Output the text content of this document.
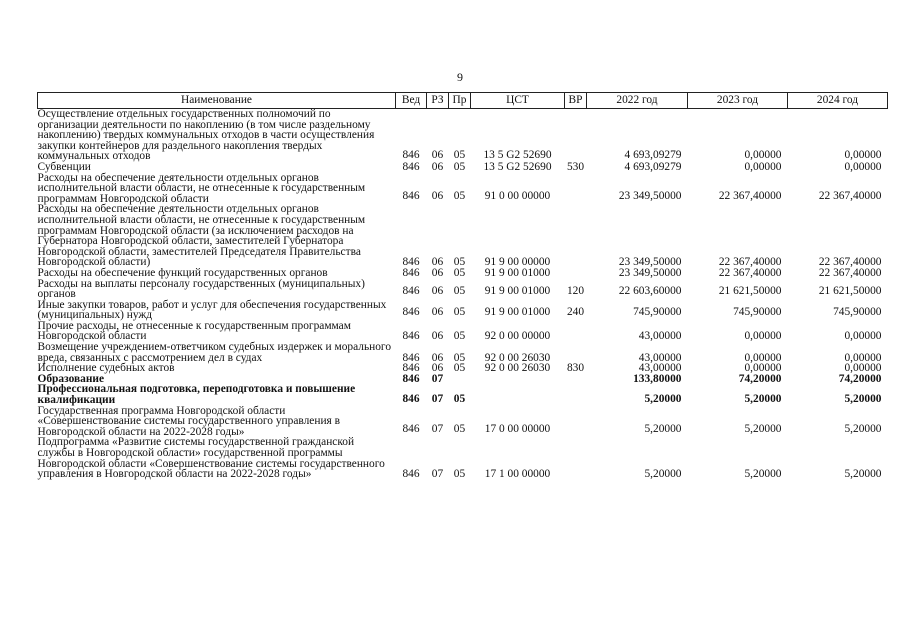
9
Наименование	Вед	РЗ	Пр	ЦСТ	ВР	2022 год	2023 год	2024 год
Осуществление отдельных государственных полномочий по организации деятельности по накоплению (в том числе раздельному накоплению) твердых коммунальных отходов в части осуществления закупки контейнеров для раздельного накопления твердых коммунальных отходов	846	06	05	13 5 G2 52690		4 693,09279	0,00000	0,00000
Субвенции	846	06	05	13 5 G2 52690	530	4 693,09279	0,00000	0,00000
Расходы на обеспечение деятельности отдельных органов исполнительной власти области, не отнесенные к государственным программам Новгородской области	846	06	05	91 0 00 00000		23 349,50000	22 367,40000	22 367,40000
Расходы на обеспечение деятельности отдельных органов исполнительной власти области, не отнесенные к государственным программам Новгородской области (за исключением расходов на Губернатора Новгородской области, заместителей Губернатора Новгородской области, заместителей Председателя Правительства Новгородской области)	846	06	05	91 9 00 00000		23 349,50000	22 367,40000	22 367,40000
Расходы на обеспечение функций государственных органов	846	06	05	91 9 00 01000		23 349,50000	22 367,40000	22 367,40000
Расходы на выплаты персоналу государственных (муниципальных) органов	846	06	05	91 9 00 01000	120	22 603,60000	21 621,50000	21 621,50000
Иные закупки товаров, работ и услуг для обеспечения государственных (муниципальных) нужд	846	06	05	91 9 00 01000	240	745,90000	745,90000	745,90000
Прочие расходы, не отнесенные к государственным программам Новгородской области	846	06	05	92 0 00 00000		43,00000	0,00000	0,00000
Возмещение учреждением-ответчиком судебных издержек и морального вреда, связанных с рассмотрением дел в судах	846	06	05	92 0 00 26030		43,00000	0,00000	0,00000
Исполнение судебных актов	846	06	05	92 0 00 26030	830	43,00000	0,00000	0,00000
Образование	846	07				133,80000	74,20000	74,20000
Профессиональная подготовка, переподготовка и повышение квалификации	846	07	05			5,20000	5,20000	5,20000
Государственная программа Новгородской области «Совершенствование системы государственного управления в Новгородской области на 2022-2028 годы»	846	07	05	17 0 00 00000		5,20000	5,20000	5,20000
Подпрограмма «Развитие системы государственной гражданской службы в Новгородской области» государственной программы Новгородской области «Совершенствование системы государственного управления в Новгородской области на 2022-2028 годы»	846	07	05	17 1 00 00000		5,20000	5,20000	5,20000
